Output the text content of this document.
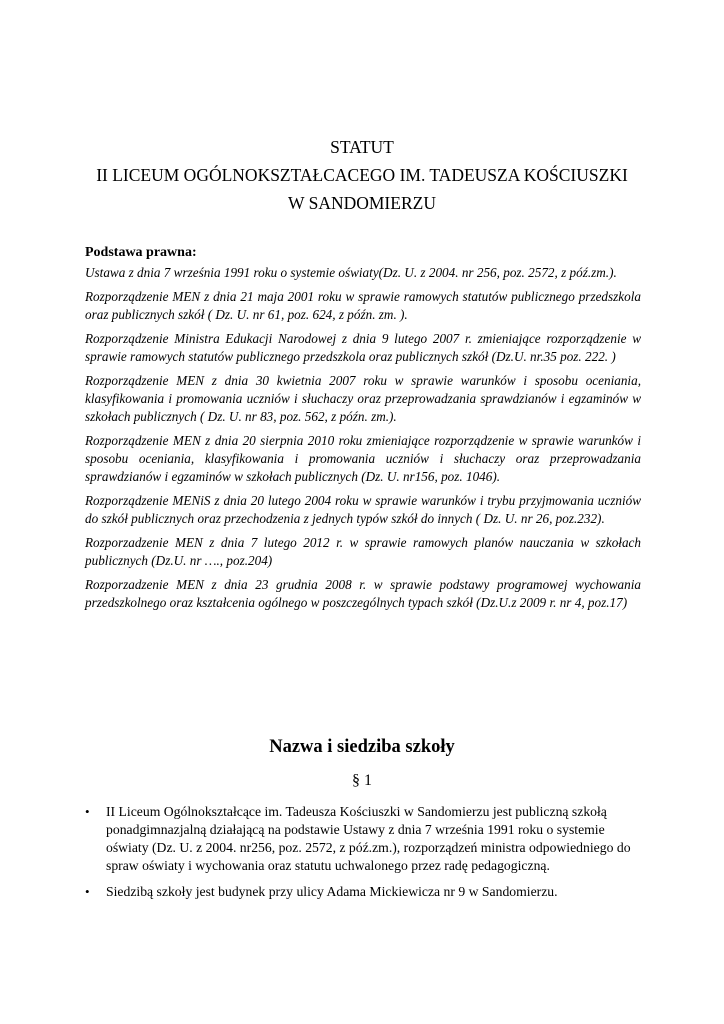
STATUT
II LICEUM OGÓLNOKSZTAŁCACEGO IM. TADEUSZA KOŚCIUSZKI
W SANDOMIERZU

Podstawa prawna:

Ustawa z dnia 7 września 1991 roku o systemie oświaty(Dz. U. z 2004. nr 256, poz. 2572, z póź.zm.).

Rozporządzenie MEN z dnia 21 maja 2001 roku w sprawie ramowych statutów publicznego przedszkola oraz publicznych szkół ( Dz. U. nr 61, poz. 624, z późn. zm. ).

Rozporządzenie Ministra Edukacji Narodowej z dnia 9 lutego 2007 r. zmieniające rozporządzenie w sprawie ramowych statutów publicznego przedszkola oraz publicznych szkół (Dz.U. nr.35 poz. 222. )

Rozporządzenie MEN z dnia 30 kwietnia 2007 roku w sprawie warunków i sposobu oceniania, klasyfikowania i promowania uczniów i słuchaczy oraz przeprowadzania sprawdzianów i egzaminów w szkołach publicznych ( Dz. U. nr 83, poz. 562, z późn. zm.).

Rozporządzenie MEN z dnia 20 sierpnia 2010 roku zmieniające rozporządzenie w sprawie warunków i sposobu oceniania, klasyfikowania i promowania uczniów i słuchaczy oraz przeprowadzania sprawdzianów i egzaminów w szkołach publicznych (Dz. U. nr156, poz. 1046).

Rozporządzenie MENiS z dnia 20 lutego 2004 roku w sprawie warunków i trybu przyjmowania uczniów do szkół publicznych oraz przechodzenia z jednych typów szkół do innych ( Dz. U. nr 26, poz.232).

Rozporzadzenie MEN z dnia 7 lutego 2012 r. w sprawie ramowych planów nauczania w szkołach publicznych (Dz.U. nr …., poz.204)

Rozporzadzenie MEN z dnia 23 grudnia 2008 r. w sprawie podstawy programowej wychowania przedszkolnego oraz kształcenia ogólnego w poszczególnych typach szkół (Dz.U.z 2009 r. nr 4, poz.17)

Nazwa i siedziba szkoły
§ 1
• II Liceum Ogólnokształcące im. Tadeusza Kościuszki w Sandomierzu jest publiczną szkołą ponadgimnazjalną działającą na podstawie Ustawy z dnia 7 września 1991 roku o systemie oświaty (Dz. U. z 2004. nr256, poz. 2572, z póź.zm.), rozporządzeń ministra odpowiedniego do spraw oświaty i wychowania oraz statutu uchwalonego przez radę pedagogiczną.
• Siedzibą szkoły jest budynek przy ulicy Adama Mickiewicza nr 9 w Sandomierzu.
